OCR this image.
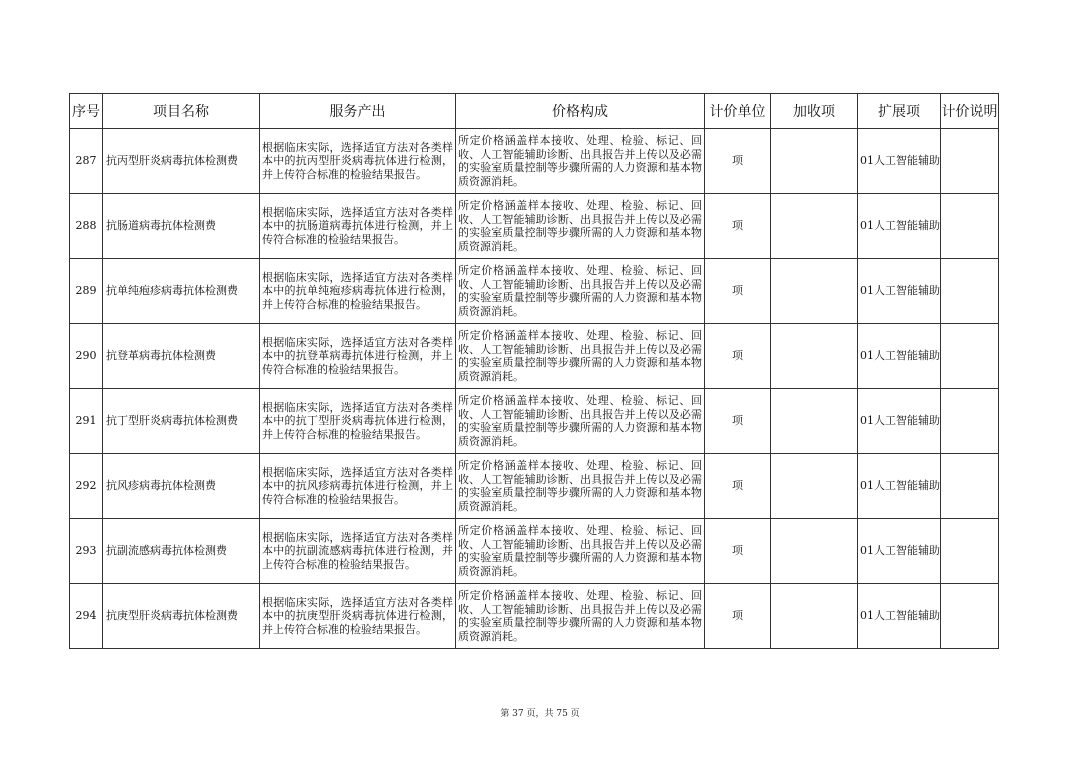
序号	项目名称	服务产出	价格构成	计价单位	加收项	扩展项	计价说明
287	抗丙型肝炎病毒抗体检测费	根据临床实际，选择适宜方法对各类样本中的抗丙型肝炎病毒抗体进行检测，并上传符合标准的检验结果报告。	所定价格涵盖样本接收、处理、检验、标记、回收、人工智能辅助诊断、出具报告并上传以及必需的实验室质量控制等步骤所需的人力资源和基本物质资源消耗。	项		01人工智能辅助	
288	抗肠道病毒抗体检测费	根据临床实际，选择适宜方法对各类样本中的抗肠道病毒抗体进行检测，并上传符合标准的检验结果报告。	所定价格涵盖样本接收、处理、检验、标记、回收、人工智能辅助诊断、出具报告并上传以及必需的实验室质量控制等步骤所需的人力资源和基本物质资源消耗。	项		01人工智能辅助	
289	抗单纯疱疹病毒抗体检测费	根据临床实际，选择适宜方法对各类样本中的抗单纯疱疹病毒抗体进行检测，并上传符合标准的检验结果报告。	所定价格涵盖样本接收、处理、检验、标记、回收、人工智能辅助诊断、出具报告并上传以及必需的实验室质量控制等步骤所需的人力资源和基本物质资源消耗。	项		01人工智能辅助	
290	抗登革病毒抗体检测费	根据临床实际，选择适宜方法对各类样本中的抗登革病毒抗体进行检测，并上传符合标准的检验结果报告。	所定价格涵盖样本接收、处理、检验、标记、回收、人工智能辅助诊断、出具报告并上传以及必需的实验室质量控制等步骤所需的人力资源和基本物质资源消耗。	项		01人工智能辅助	
291	抗丁型肝炎病毒抗体检测费	根据临床实际，选择适宜方法对各类样本中的抗丁型肝炎病毒抗体进行检测，并上传符合标准的检验结果报告。	所定价格涵盖样本接收、处理、检验、标记、回收、人工智能辅助诊断、出具报告并上传以及必需的实验室质量控制等步骤所需的人力资源和基本物质资源消耗。	项		01人工智能辅助	
292	抗风疹病毒抗体检测费	根据临床实际，选择适宜方法对各类样本中的抗风疹病毒抗体进行检测，并上传符合标准的检验结果报告。	所定价格涵盖样本接收、处理、检验、标记、回收、人工智能辅助诊断、出具报告并上传以及必需的实验室质量控制等步骤所需的人力资源和基本物质资源消耗。	项		01人工智能辅助	
293	抗副流感病毒抗体检测费	根据临床实际，选择适宜方法对各类样本中的抗副流感病毒抗体进行检测，并上传符合标准的检验结果报告。	所定价格涵盖样本接收、处理、检验、标记、回收、人工智能辅助诊断、出具报告并上传以及必需的实验室质量控制等步骤所需的人力资源和基本物质资源消耗。	项		01人工智能辅助	
294	抗庚型肝炎病毒抗体检测费	根据临床实际，选择适宜方法对各类样本中的抗庚型肝炎病毒抗体进行检测，并上传符合标准的检验结果报告。	所定价格涵盖样本接收、处理、检验、标记、回收、人工智能辅助诊断、出具报告并上传以及必需的实验室质量控制等步骤所需的人力资源和基本物质资源消耗。	项		01人工智能辅助	
第 37 页，共 75 页
